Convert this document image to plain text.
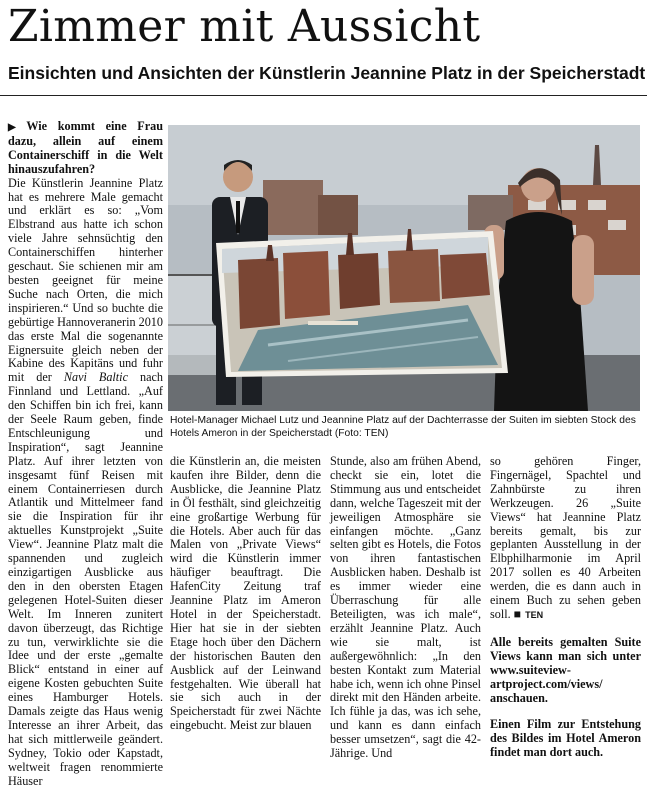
Zimmer mit Aussicht
Einsichten und Ansichten der Künstlerin Jeannine Platz in der Speicherstadt

▶ Wie kommt eine Frau dazu, allein auf einem Containerschiff in die Welt hinauszufahren?

Die Künstlerin Jeannine Platz hat es mehrere Male gemacht und erklärt es so: „Vom Elbstrand aus hatte ich schon viele Jahre sehnsüchtig den Containerschiffen hinterher geschaut. Sie schienen mir am besten geeignet für meine Suche nach Orten, die mich inspirieren.“ Und so buchte die gebürtige Hannoveranerin 2010 das erste Mal die sogenannte Eignersuite gleich neben der Kabine des Kapitäns und fuhr mit der Navi Baltic nach Finnland und Lettland. „Auf den Schiffen bin ich frei, kann der Seele Raum geben, finde Entschleunigung und Inspiration“, sagt Jeannine Platz. Auf ihrer letzten von insgesamt fünf Reisen mit einem Containerriesen durch Atlantik und Mittelmeer fand sie die Inspiration für ihr aktuelles Kunstprojekt „Suite View“. Jeannine Platz malt die spannenden und zugleich einzigartigen Ausblicke aus den in den obersten Etagen gelegenen Hotel-Suiten dieser Welt. Im Inneren zunitert davon überzeugt, das Richtige zu tun, verwirklichte sie die Idee und der erste „gemalte Blick“ entstand in einer auf eigene Kosten gebuchten Suite eines Hamburger Hotels. Damals zeigte das Haus wenig Interesse an ihrer Arbeit, das hat sich mittlerweile geändert. Sydney, Tokio oder Kapstadt, weltweit fragen renommierte Häuser

Hotel-Manager Michael Lutz und Jeannine Platz auf der Dachterrasse der Suiten im siebten Stock des Hotels Ameron in der Speicherstadt (Foto: TEN)

die Künstlerin an, die meisten kaufen ihre Bilder, denn die Ausblicke, die Jeannine Platz in Öl festhält, sind gleichzeitig eine großartige Werbung für die Hotels. Aber auch für das Malen von „Private Views“ wird die Künstlerin immer häufiger beauftragt. Die HafenCity Zeitung traf Jeannine Platz im Ameron Hotel in der Speicherstadt. Hier hat sie in der siebten Etage hoch über den Dächern der historischen Bauten den Ausblick auf der Leinwand festgehalten. Wie überall hat sie sich auch in der Speicherstadt für zwei Nächte eingebucht. Meist zur blauen

Stunde, also am frühen Abend, checkt sie ein, lotet die Stimmung aus und entscheidet dann, welche Tageszeit mit der jeweiligen Atmosphäre sie einfangen möchte. „Ganz selten gibt es Hotels, die Fotos von ihren fantastischen Ausblicken haben. Deshalb ist es immer wieder eine Überraschung für alle Beteiligten, was ich male“, erzählt Jeannine Platz. Auch wie sie malt, ist außergewöhnlich: „In den besten Kontakt zum Material habe ich, wenn ich ohne Pinsel direkt mit den Händen arbeite. Ich fühle ja das, was ich sehe, und kann es dann einfach besser umsetzen“, sagt die 42-Jährige. Und

so gehören Finger, Fingernägel, Spachtel und Zahnbürste zu ihren Werkzeugen. 26 „Suite Views“ hat Jeannine Platz bereits gemalt, bis zur geplanten Ausstellung in der Elbphilharmonie im April 2017 sollen es 40 Arbeiten werden, die es dann auch in einem Buch zu sehen geben soll. ■ TEN

Alle bereits gemalten Suite Views kann man sich unter www.suiteview-artproject.com/views/ anschauen.

Einen Film zur Entstehung des Bildes im Hotel Ameron findet man dort auch.
